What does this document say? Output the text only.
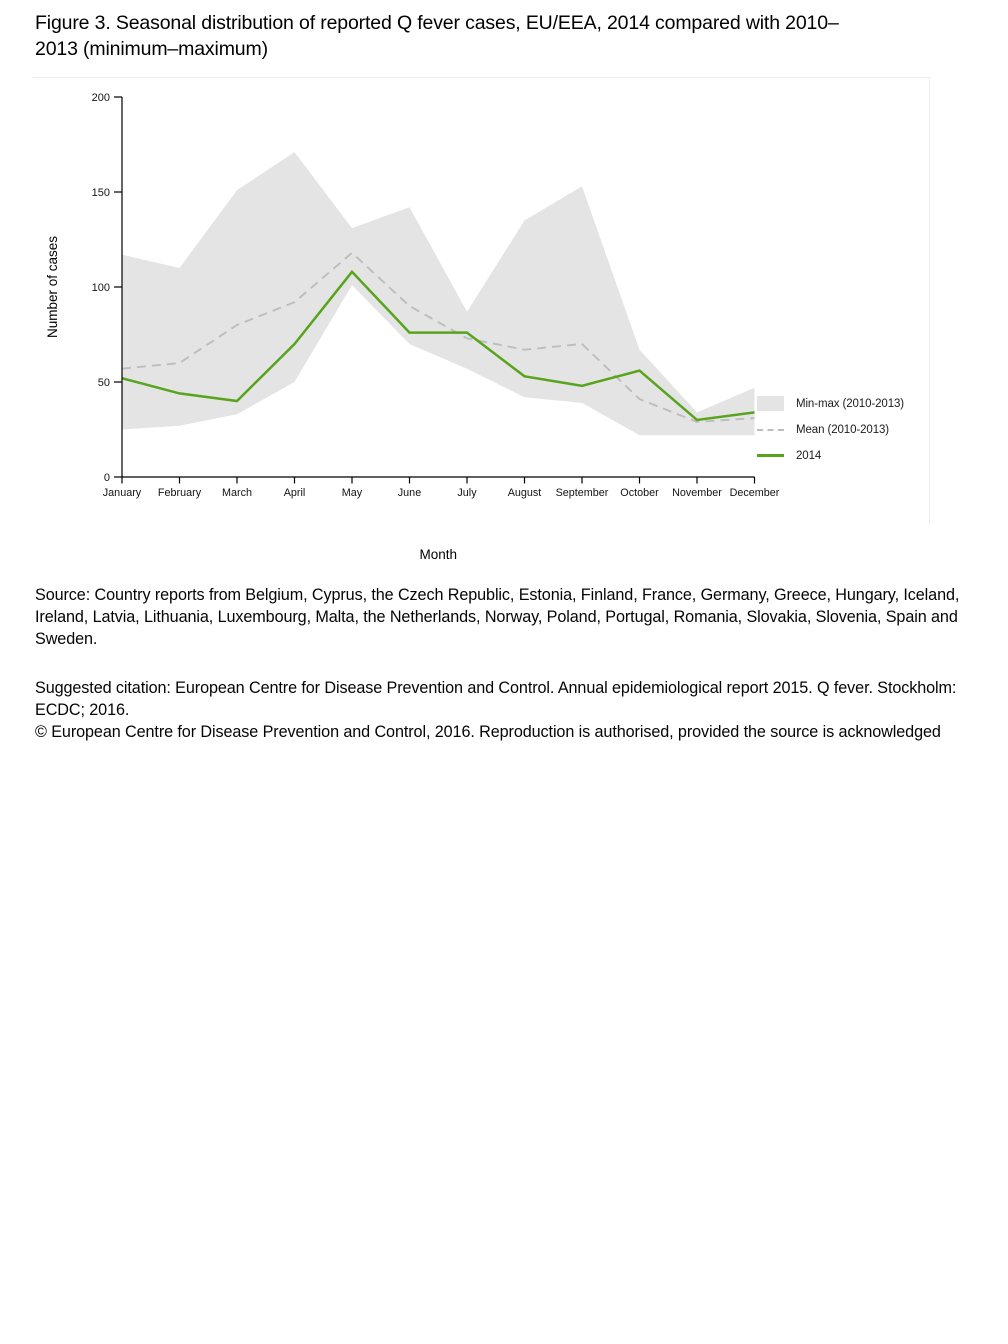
Figure 3. Seasonal distribution of reported Q fever cases, EU/EEA, 2014 compared with 2010–2013 (minimum–maximum)
0
50
100
150
200
January February March	April	May	June	July	August September October November December
Number of cases
Month
Min-max (2010-2013)
Mean (2010-2013)
2014

Source: Country reports from Belgium, Cyprus, the Czech Republic, Estonia, Finland, France, Germany, Greece, Hungary, Iceland, Ireland, Latvia, Lithuania, Luxembourg, Malta, the Netherlands, Norway, Poland, Portugal, Romania, Slovakia, Slovenia, Spain and Sweden.

Suggested citation: European Centre for Disease Prevention and Control. Annual epidemiological report 2015. Q fever. Stockholm: ECDC; 2016.

© European Centre for Disease Prevention and Control, 2016. Reproduction is authorised, provided the source is acknowledged
